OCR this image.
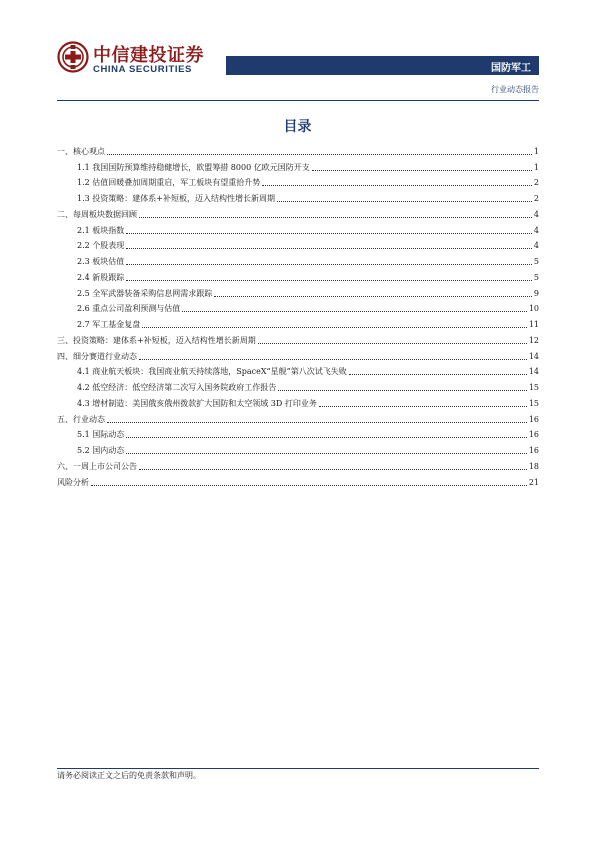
中信建投证券
CHINA SECURITIES	国防军工
行业动态报告
目录
一、核心观点	1
1.1 我国国防预算维持稳健增长，欧盟筹措 8000 亿欧元国防开支	1
1.2 估值回暖叠加周期重启，军工板块有望重拾升势	2
1.3 投资策略：建体系+补短板，迈入结构性增长新周期	2
二、每周板块数据回顾	4
2.1 板块指数	4
2.2 个股表现	4
2.3 板块估值	5
2.4 新股跟踪	5
2.5 全军武器装备采购信息网需求跟踪	9
2.6 重点公司盈利预测与估值	10
2.7 军工基金复盘	11
三、投资策略：建体系+补短板，迈入结构性增长新周期	12
四、细分赛道行业动态	14
4.1 商业航天板块：我国商业航天持续落地，SpaceX“星舰”第八次试飞失败	14
4.2 低空经济：低空经济第二次写入国务院政府工作报告	15
4.3 增材制造：美国俄亥俄州拨款扩大国防和太空领域 3D 打印业务	15
五、行业动态	16
5.1 国际动态	16
5.2 国内动态	16
六、一周上市公司公告	18
风险分析	21
请务必阅读正文之后的免责条款和声明。
